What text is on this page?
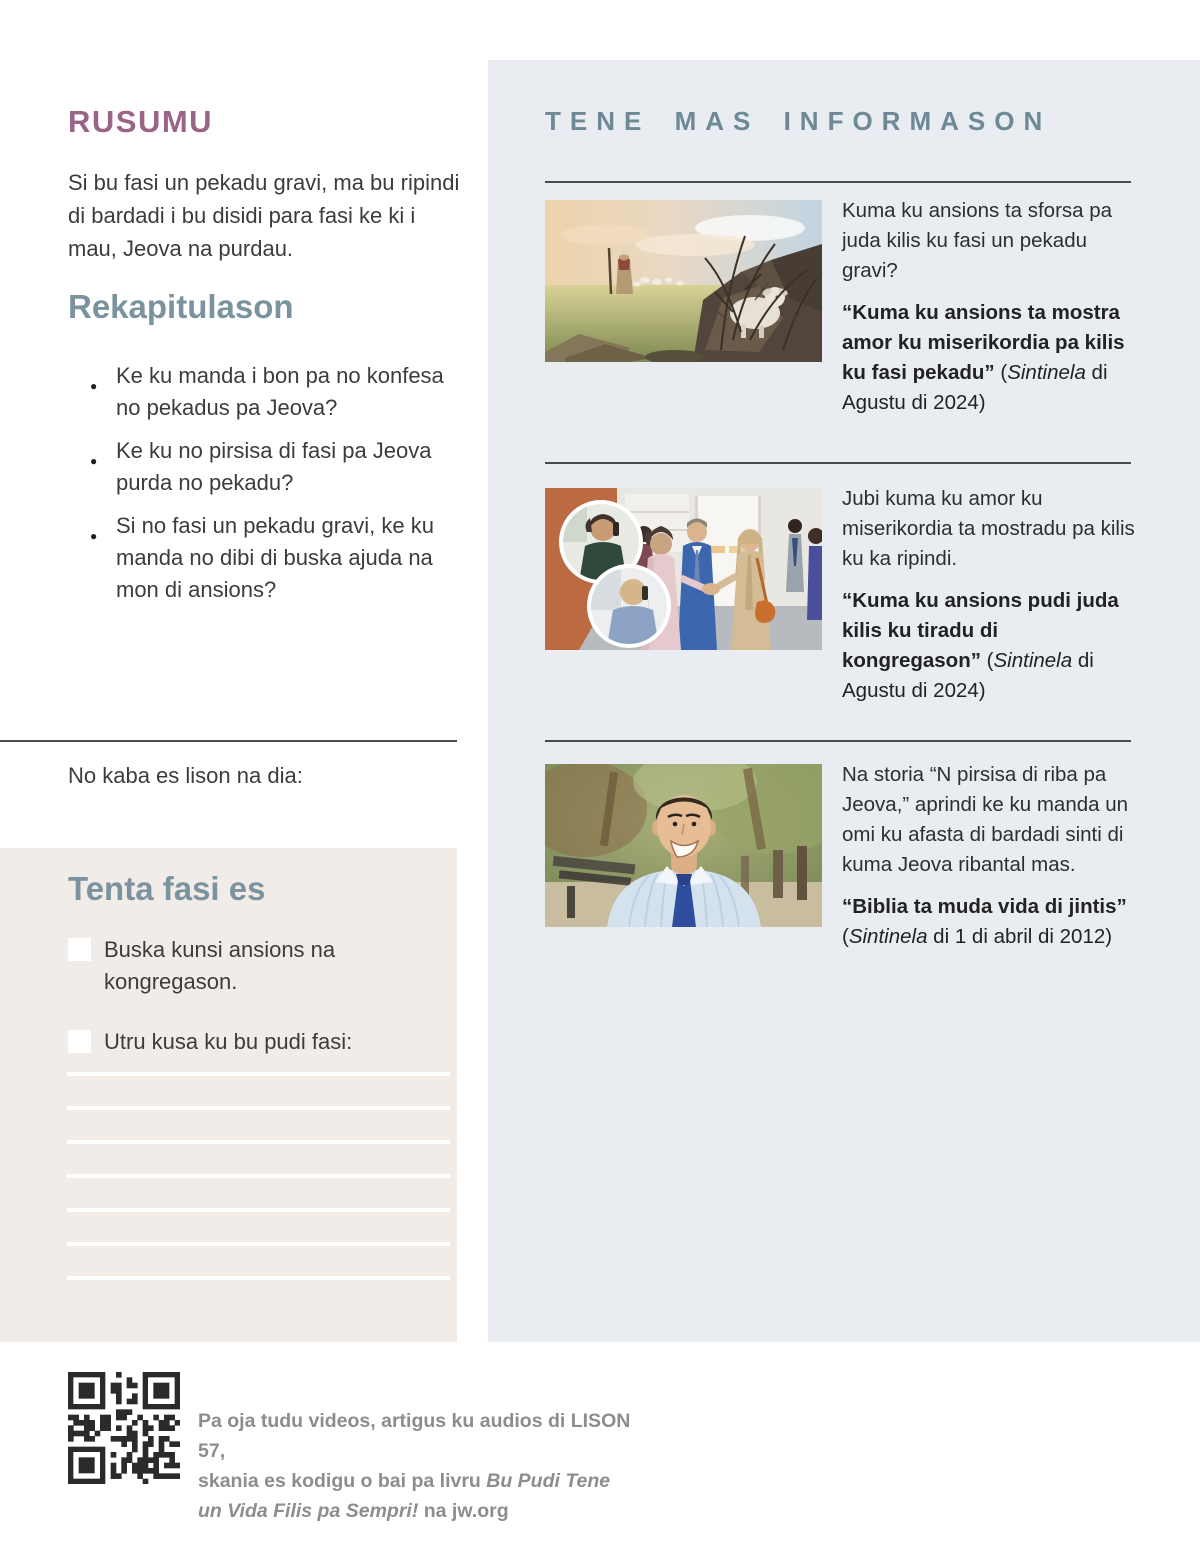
TENE MAS INFORMASON

Kuma ku ansions ta sforsa pa juda kilis ku fasi un pekadu gravi?

“Kuma ku ansions ta mostra amor ku miserikordia pa kilis ku fasi pekadu” (Sintinela di Agustu di 2024)

Jubi kuma ku amor ku miserikordia ta mostradu pa kilis ku ka ripindi.

“Kuma ku ansions pudi juda kilis ku tiradu di kongregason” (Sintinela di Agustu di 2024)

Na storia “N pirsisa di riba pa Jeova,” aprindi ke ku manda un omi ku afasta di bardadi sinti di kuma Jeova ribantal mas.

“Biblia ta muda vida di jintis” (Sintinela di 1 di abril di 2012)

RUSUMU

Si bu fasi un pekadu gravi, ma bu ripindi di bardadi i bu disidi para fasi ke ki i mau, Jeova na purdau.

Rekapitulason
● Ke ku manda i bon pa no konfesa no pekadus pa Jeova?
● Ke ku no pirsisa di fasi pa Jeova purda no pekadu?
● Si no fasi un pekadu gravi, ke ku manda no dibi di buska ajuda na mon di ansions?

No kaba es lison na dia:

Tenta fasi es
Buska kunsi ansions na kongregason.
Utru kusa ku bu pudi fasi:

Pa oja tudu videos, artigus ku audios di LISON 57,
skania es kodigu o bai pa livru Bu Pudi Tene
un Vida Filis pa Sempri! na jw.org
